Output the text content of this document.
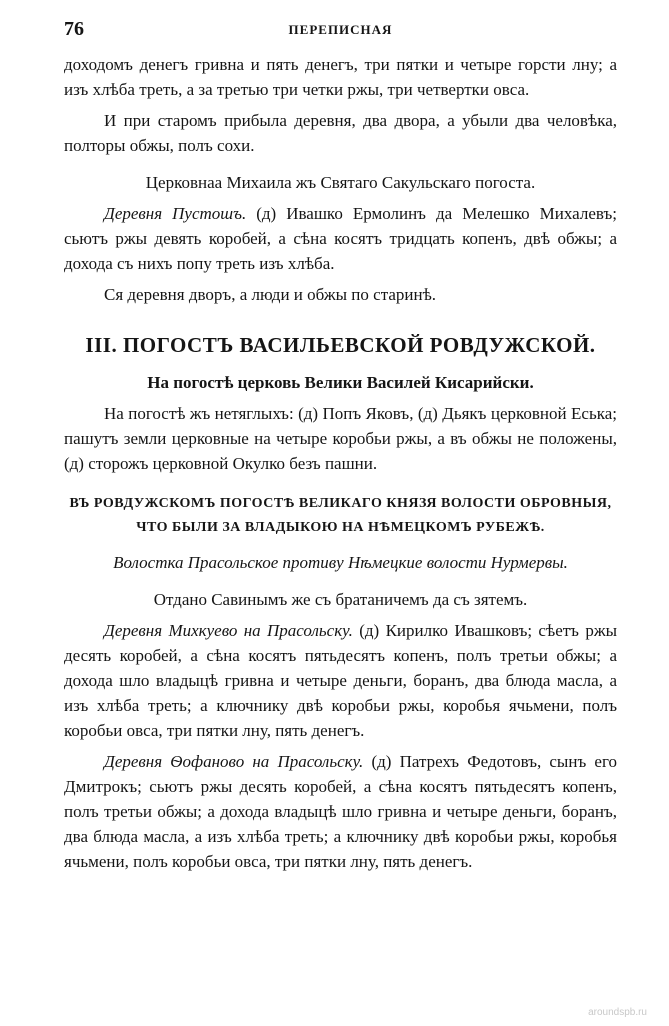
76	ПЕРЕПИСНАЯ

доходомъ денегъ гривна и пять денегъ, три пятки и четыре горсти лну; а изъ хлѣба треть, а за третью три четки ржы, три четвертки овса.

И при старомъ прибыла деревня, два двора, а убыли два человѣка, полторы обжы, полъ сохи.

Церковнаа Михаила жъ Святаго Сакульскаго погоста.

Деревня Пустошъ. (д) Ивашко Ермолинъ да Мелешко Михалевъ; сьютъ ржы девять коробей, а сѣна косятъ тридцать копенъ, двѣ обжы; а дохода съ нихъ попу треть изъ хлѣба.

Ся деревня дворъ, а люди и обжы по старинѣ.

III. ПОГОСТЪ ВАСИЛЬЕВСКОЙ РОВДУЖСКОЙ.

На погостѣ церковь Велики Василей Кисарийски.

На погостѣ жъ нетяглыхъ: (д) Попъ Яковъ, (д) Дьякъ церковной Еська; пашутъ земли церковные на четыре коробьи ржы, а въ обжы не положены, (д) сторожъ церковной Окулко безъ пашни.

ВЪ РОВДУЖСКОМЪ ПОГОСТѢ ВЕЛИКАГО КНЯЗЯ ВОЛОСТИ ОБРОВНЫЯ,
ЧТО БЫЛИ ЗА ВЛАДЫКОЮ НА НѢМЕЦКОМЪ РУБЕЖѢ.

Волостка Прасольское противу Нѣмецкие волости Нурмервы.

Отдано Савинымъ же съ братаничемъ да съ зятемъ.

Деревня Михкуево на Прасольску. (д) Кирилко Ивашковъ; сѣетъ ржы десять коробей, а сѣна косятъ пятьдесятъ копенъ, полъ третьи обжы; а дохода шло владыцѣ гривна и четыре деньги, боранъ, два блюда масла, а изъ хлѣба треть; а ключнику двѣ коробьи ржы, коробья ячьмени, полъ коробьи овса, три пятки лну, пять денегъ.

Деревня Ѳофаново на Прасольску. (д) Патрехъ Федотовъ, сынъ его Дмитрокъ; сьютъ ржы десять коробей, а сѣна косятъ пятьдесятъ копенъ, полъ третьи обжы; а дохода владыцѣ шло гривна и четыре деньги, боранъ, два блюда масла, а изъ хлѣба треть; а ключнику двѣ коробьи ржы, коробья ячьмени, полъ коробьи овса, три пятки лну, пять денегъ.

aroundspb.ru
